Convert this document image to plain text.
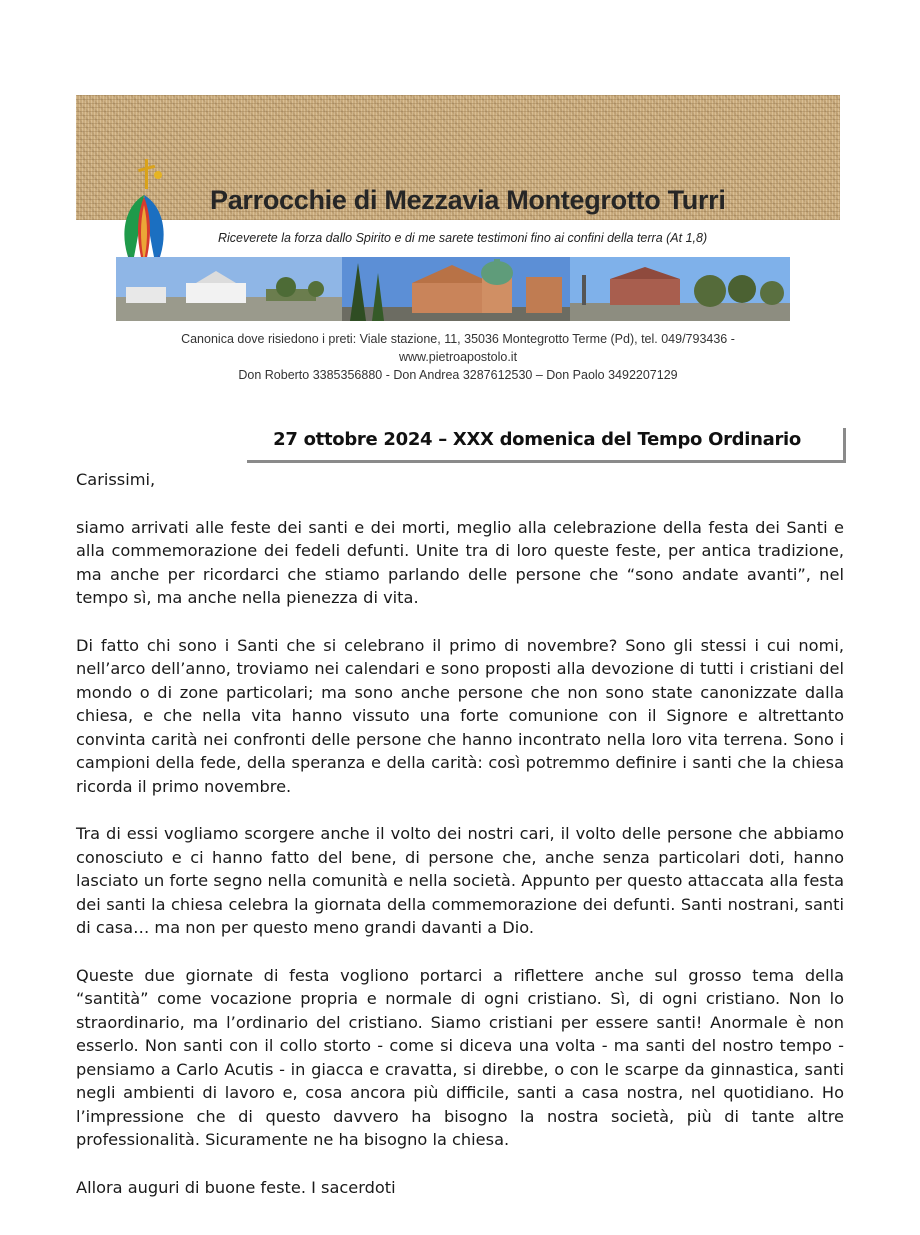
Parrocchie di Mezzavia Montegrotto Turri
Riceverete la forza dallo Spirito e di me sarete testimoni fino ai confini della terra (At 1,8)
Canonica dove risiedono i preti: Viale stazione, 11, 35036 Montegrotto Terme (Pd), tel. 049/793436 -
www.pietroapostolo.it
Don Roberto 3385356880 - Don Andrea 3287612530 – Don Paolo 3492207129
27 ottobre 2024 – XXX domenica del Tempo Ordinario

Carissimi,

siamo arrivati alle feste dei santi e dei morti, meglio alla celebrazione della festa dei Santi e alla commemorazione dei fedeli defunti. Unite tra di loro queste feste, per antica tradizione, ma anche per ricordarci che stiamo parlando delle persone che “sono andate avanti”, nel tempo sì, ma anche nella pienezza di vita.

Di fatto chi sono i Santi che si celebrano il primo di novembre? Sono gli stessi i cui nomi, nell’arco dell’anno, troviamo nei calendari e sono proposti alla devozione di tutti i cristiani del mondo o di zone particolari; ma sono anche persone che non sono state canonizzate dalla chiesa, e che nella vita hanno vissuto una forte comunione con il Signore e altrettanto convinta carità nei confronti delle persone che hanno incontrato nella loro vita terrena. Sono i campioni della fede, della speranza e della carità: così potremmo definire i santi che la chiesa ricorda il primo novembre.

Tra di essi vogliamo scorgere anche il volto dei nostri cari, il volto delle persone che abbiamo conosciuto e ci hanno fatto del bene, di persone che, anche senza particolari doti, hanno lasciato un forte segno nella comunità e nella società. Appunto per questo attaccata alla festa dei santi la chiesa celebra la giornata della commemorazione dei defunti. Santi nostrani, santi di casa… ma non per questo meno grandi davanti a Dio.

Queste due giornate di festa vogliono portarci a riflettere anche sul grosso tema della “santità” come vocazione propria e normale di ogni cristiano. Sì, di ogni cristiano. Non lo straordinario, ma l’ordinario del cristiano. Siamo cristiani per essere santi! Anormale è non esserlo. Non santi con il collo storto - come si diceva una volta - ma santi del nostro tempo - pensiamo a Carlo Acutis - in giacca e cravatta, si direbbe, o con le scarpe da ginnastica, santi negli ambienti di lavoro e, cosa ancora più difficile, santi a casa nostra, nel quotidiano. Ho l’impressione che di questo davvero ha bisogno la nostra società, più di tante altre professionalità. Sicuramente ne ha bisogno la chiesa.

Allora auguri di buone feste. I sacerdoti
